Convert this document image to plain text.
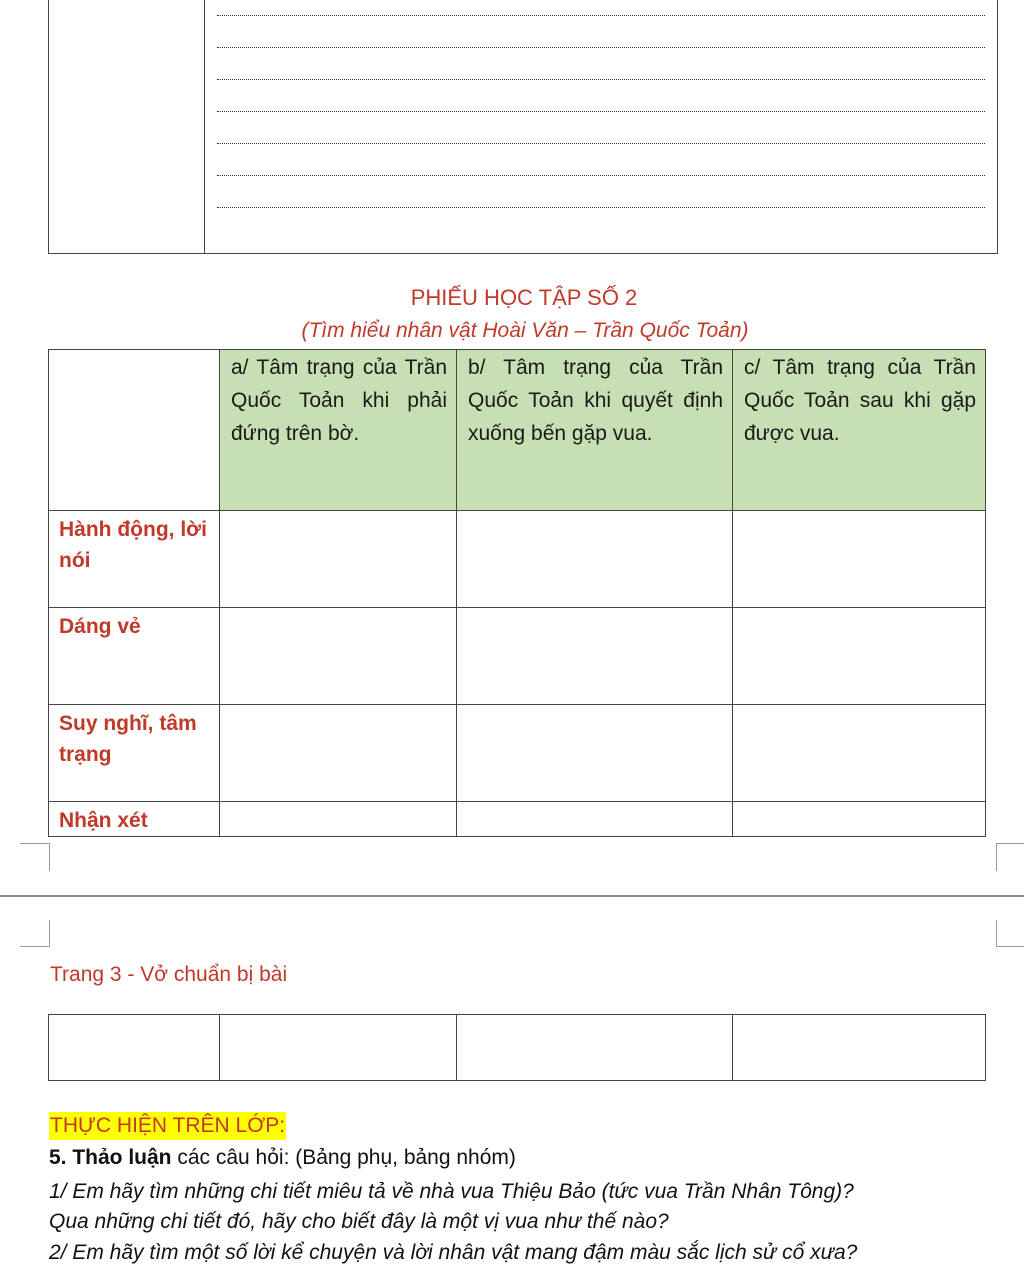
PHIẾU HỌC TẬP SỐ 2
(Tìm hiểu nhân vật Hoài Văn – Trần Quốc Toản)
	a/ Tâm trạng của Trần Quốc Toản khi phải đứng trên bờ.	b/ Tâm trạng của Trần Quốc Toản khi quyết định xuống bến gặp vua.	c/ Tâm trạng của Trần Quốc Toản sau khi gặp được vua.
Hành động, lời nói			
Dáng vẻ			
Suy nghĩ, tâm trạng			
Nhận xét			
Trang 3 - Vở chuẩn bị bài

THỰC HIỆN TRÊN LỚP:
5. Thảo luận các câu hỏi: (Bảng phụ, bảng nhóm)
1/ Em hãy tìm những chi tiết miêu tả về nhà vua Thiệu Bảo (tức vua Trần Nhân Tông)?
Qua những chi tiết đó, hãy cho biết đây là một vị vua như thế nào?
2/ Em hãy tìm một số lời kể chuyện và lời nhân vật mang đậm màu sắc lịch sử cổ xưa?
